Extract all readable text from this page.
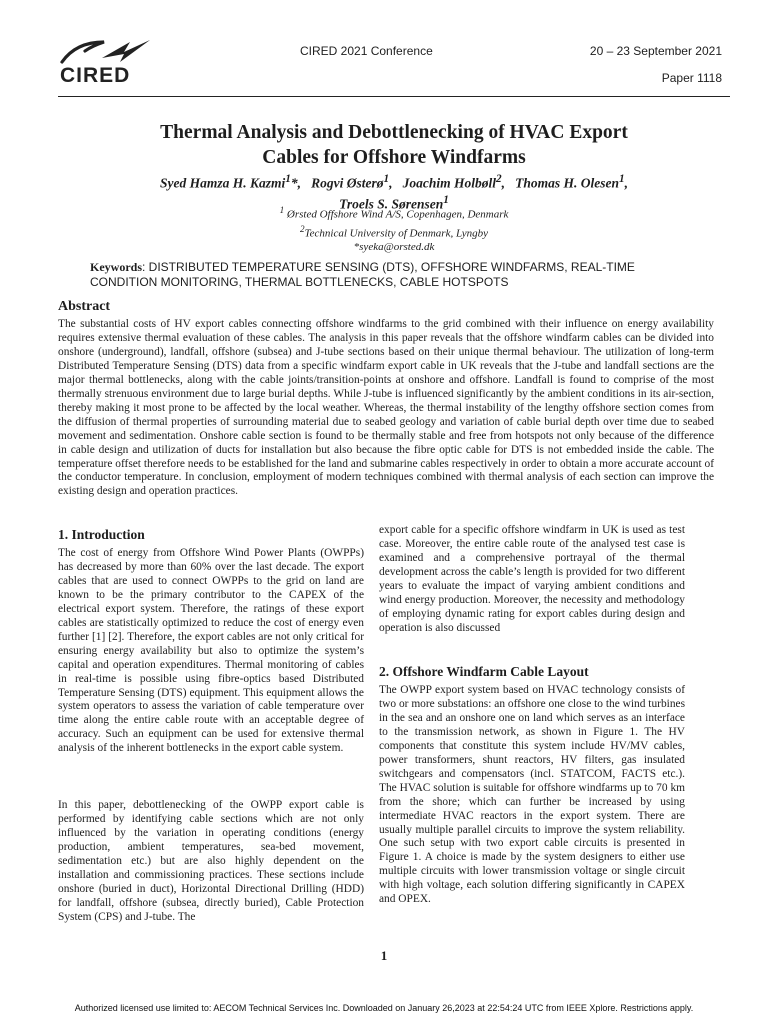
CIRED
CIRED 2021 Conference	20 – 23 September 2021
Paper 1118
Thermal Analysis and Debottlenecking of HVAC Export
Cables for Offshore Windfarms
Syed Hamza H. Kazmi$^1$*,   Rogvi Østerø$^1$,   Joachim Holbøll$^2$,   Thomas H. Olesen$^1$,
Troels S. Sørensen$^1$
$^1$ Ørsted Offshore Wind A/S, Copenhagen, Denmark
$^2$Technical University of Denmark, Lyngby
*syeka@orsted.dk
Keywords: DISTRIBUTED TEMPERATURE SENSING (DTS), OFFSHORE WINDFARMS, REAL-TIME CONDITION MONITORING, THERMAL BOTTLENECKS, CABLE HOTSPOTS
Abstract
The substantial costs of HV export cables connecting offshore windfarms to the grid combined with their influence on energy availability requires extensive thermal evaluation of these cables. The analysis in this paper reveals that the offshore windfarm cables can be divided into onshore (underground), landfall, offshore (subsea) and J-tube sections based on their unique thermal behaviour. The utilization of long-term Distributed Temperature Sensing (DTS) data from a specific windfarm export cable in UK reveals that the J-tube and landfall sections are the major thermal bottlenecks, along with the cable joints/transition-points at onshore and offshore. Landfall is found to comprise of the most thermally strenuous environment due to large burial depths. While J-tube is influenced significantly by the ambient conditions in its air-section, thereby making it most prone to be affected by the local weather. Whereas, the thermal instability of the lengthy offshore section comes from the diffusion of thermal properties of surrounding material due to seabed geology and variation of cable burial depth over time due to seabed movement and sedimentation. Onshore cable section is found to be thermally stable and free from hotspots not only because of the difference in cable design and utilization of ducts for installation but also because the fibre optic cable for DTS is not embedded inside the cable. The temperature offset therefore needs to be established for the land and submarine cables respectively in order to obtain a more accurate account of the conductor temperature. In conclusion, employment of modern techniques combined with thermal analysis of each section can improve the existing design and operation practices.
1. Introduction

The cost of energy from Offshore Wind Power Plants (OWPPs) has decreased by more than 60% over the last decade. The export cables that are used to connect OWPPs to the grid on land are known to be the primary contributor to the CAPEX of the electrical export system. Therefore, the ratings of these export cables are statistically optimized to reduce the cost of energy even further [1] [2]. Therefore, the export cables are not only critical for ensuring energy availability but also to optimize the system’s capital and operation expenditures. Thermal monitoring of cables in real-time is possible using fibre-optics based Distributed Temperature Sensing (DTS) equipment. This equipment allows the system operators to assess the variation of cable temperature over time along the entire cable route with an acceptable degree of accuracy. Such an equipment can be used for extensive thermal analysis of the inherent bottlenecks in the export cable system.

In this paper, debottlenecking of the OWPP export cable is performed by identifying cable sections which are not only influenced by the variation in operating conditions (energy production, ambient temperatures, sea-bed movement, sedimentation etc.) but are also highly dependent on the installation and commissioning practices. These sections include onshore (buried in duct), Horizontal Directional Drilling (HDD) for landfall, offshore (subsea, directly buried), Cable Protection System (CPS) and J-tube. The

export cable for a specific offshore windfarm in UK is used as test case. Moreover, the entire cable route of the analysed test case is examined and a comprehensive portrayal of the thermal development across the cable’s length is provided for two different years to evaluate the impact of varying ambient conditions and wind energy production. Moreover, the necessity and methodology of employing dynamic rating for export cables during design and operation is also discussed

2. Offshore Windfarm Cable Layout

The OWPP export system based on HVAC technology consists of two or more substations: an offshore one close to the wind turbines in the sea and an onshore one on land which serves as an interface to the transmission network, as shown in Figure 1. The HV components that constitute this system include HV/MV cables, power transformers, shunt reactors, HV filters, gas insulated switchgears and compensators (incl. STATCOM, FACTS etc.). The HVAC solution is suitable for offshore windfarms up to 70 km from the shore; which can further be increased by using intermediate HVAC reactors in the export system. There are usually multiple parallel circuits to improve the system reliability. One such setup with two export cable circuits is presented in Figure 1. A choice is made by the system designers to either use multiple circuits with lower transmission voltage or single circuit with high voltage, each solution differing significantly in CAPEX and OPEX.

1
Authorized licensed use limited to: AECOM Technical Services Inc. Downloaded on January 26,2023 at 22:54:24 UTC from IEEE Xplore. Restrictions apply.
